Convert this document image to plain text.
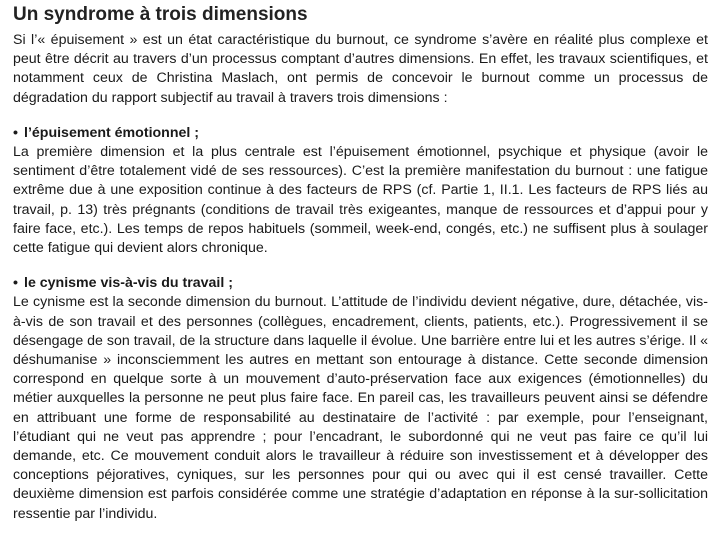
Un syndrome à trois dimensions

Si l’« épuisement » est un état caractéristique du burnout, ce syndrome s’avère en réalité plus complexe et peut être décrit au travers d’un processus comptant d’autres dimensions. En effet, les travaux scientifiques, et notamment ceux de Christina Maslach, ont permis de concevoir le burnout comme un processus de dégradation du rapport subjectif au travail à travers trois dimensions :

• l’épuisement émotionnel ;

La première dimension et la plus centrale est l’épuisement émotionnel, psychique et physique (avoir le sentiment d’être totalement vidé de ses ressources). C’est la première manifestation du burnout : une fatigue extrême due à une exposition continue à des facteurs de RPS (cf. Partie 1, II.1. Les facteurs de RPS liés au travail, p. 13) très prégnants (conditions de travail très exigeantes, manque de ressources et d’appui pour y faire face, etc.). Les temps de repos habituels (sommeil, week-end, congés, etc.) ne suffisent plus à soulager cette fatigue qui devient alors chronique.

• le cynisme vis-à-vis du travail ;

Le cynisme est la seconde dimension du burnout. L’attitude de l’individu devient négative, dure, détachée, vis-à-vis de son travail et des personnes (collègues, encadrement, clients, patients, etc.). Progressivement il se désengage de son travail, de la structure dans laquelle il évolue. Une barrière entre lui et les autres s’érige. Il « déshumanise » inconsciemment les autres en mettant son entourage à distance. Cette seconde dimension correspond en quelque sorte à un mouvement d’auto-préservation face aux exigences (émotionnelles) du métier auxquelles la personne ne peut plus faire face. En pareil cas, les travailleurs peuvent ainsi se défendre en attribuant une forme de responsabilité au destinataire de l’activité : par exemple, pour l’enseignant, l’étudiant qui ne veut pas apprendre ; pour l’encadrant, le subordonné qui ne veut pas faire ce qu’il lui demande, etc. Ce mouvement conduit alors le travailleur à réduire son investissement et à développer des conceptions péjoratives, cyniques, sur les personnes pour qui ou avec qui il est censé travailler. Cette deuxième dimension est parfois considérée comme une stratégie d’adaptation en réponse à la sur-sollicitation ressentie par l’individu.
